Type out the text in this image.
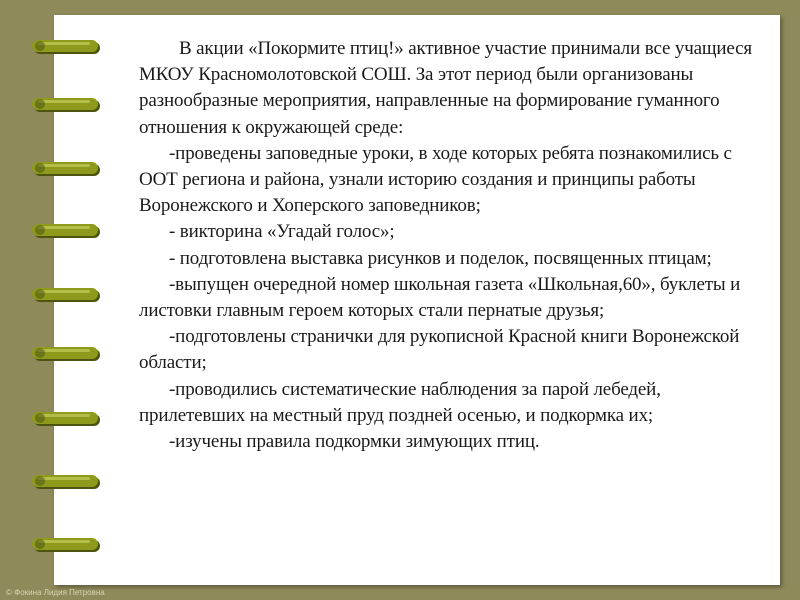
В акции «Покормите птиц!» активное участие принимали все учащиеся МКОУ Красномолотовской СОШ. За этот период были организованы разнообразные мероприятия, направленные на формирование гуманного отношения к окружающей среде:

-проведены заповедные уроки, в ходе которых ребята познакомились с ООТ региона и района, узнали историю создания и принципы работы Воронежского и Хоперского заповедников;

- викторина «Угадай голос»;

- подготовлена выставка рисунков и поделок, посвященных птицам;

-выпущен очередной номер школьная газета «Школьная,60», буклеты и листовки главным героем которых стали пернатые друзья;

-подготовлены странички для рукописной Красной книги Воронежской области;

-проводились систематические наблюдения за парой лебедей, прилетевших на местный пруд поздней осенью, и подкормка их;

-изучены правила подкормки зимующих птиц.

© Фокина Лидия Петровна
